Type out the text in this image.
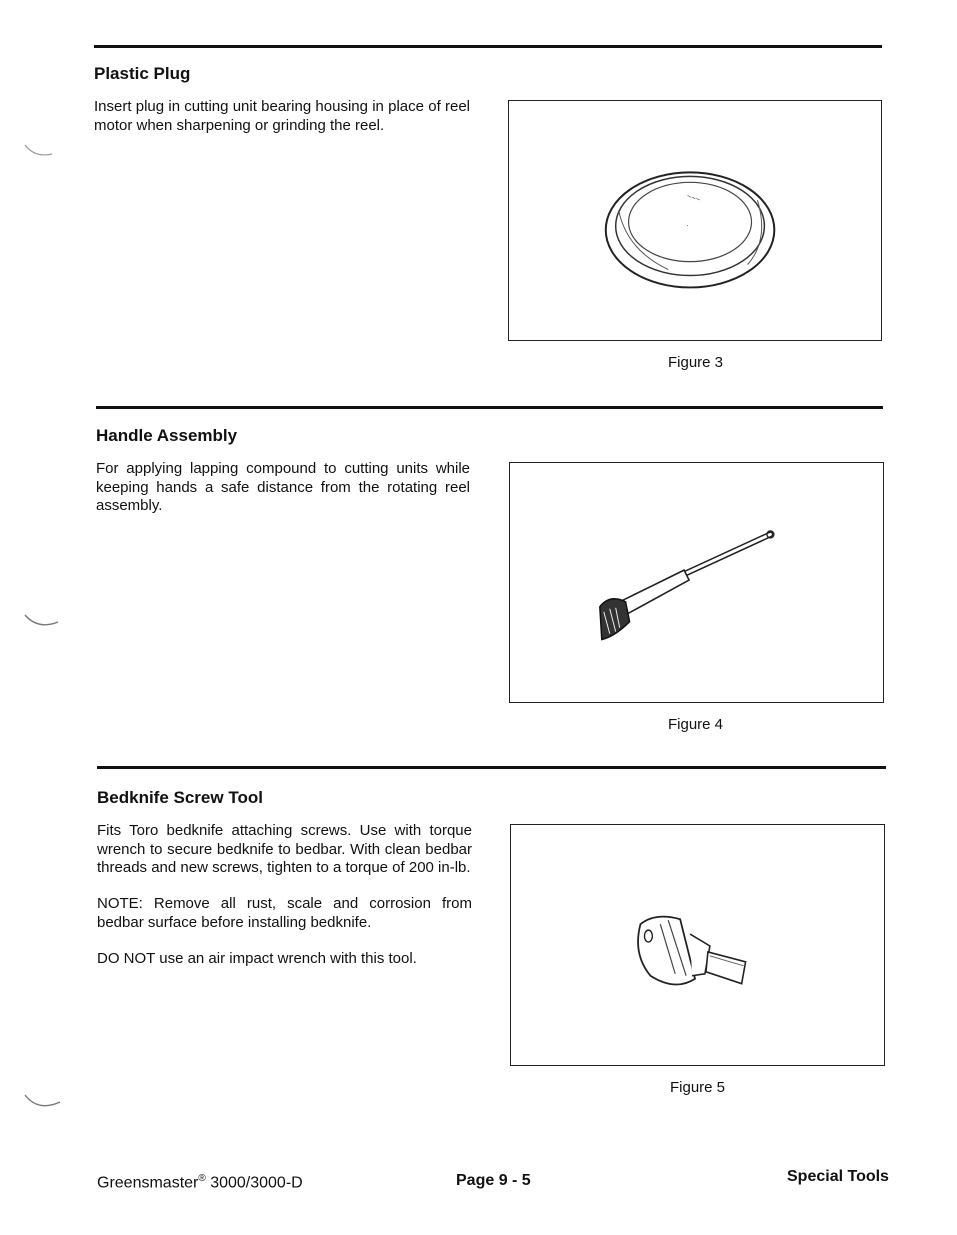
Plastic Plug

Insert plug in cutting unit bearing housing in place of reel motor when sharpening or grinding the reel.

~~~
·
Figure 3
Handle Assembly

For applying lapping compound to cutting units while keeping hands a safe distance from the rotating reel assembly.

Figure 4
Bedknife Screw Tool

Fits Toro bedknife attaching screws. Use with torque wrench to secure bedknife to bedbar. With clean bedbar threads and new screws, tighten to a torque of 200 in-lb.

NOTE: Remove all rust, scale and corrosion from bedbar surface before installing bedknife.

DO NOT use an air impact wrench with this tool.

Figure 5
Greensmaster® 3000/3000-D	Page 9 - 5	Special Tools
